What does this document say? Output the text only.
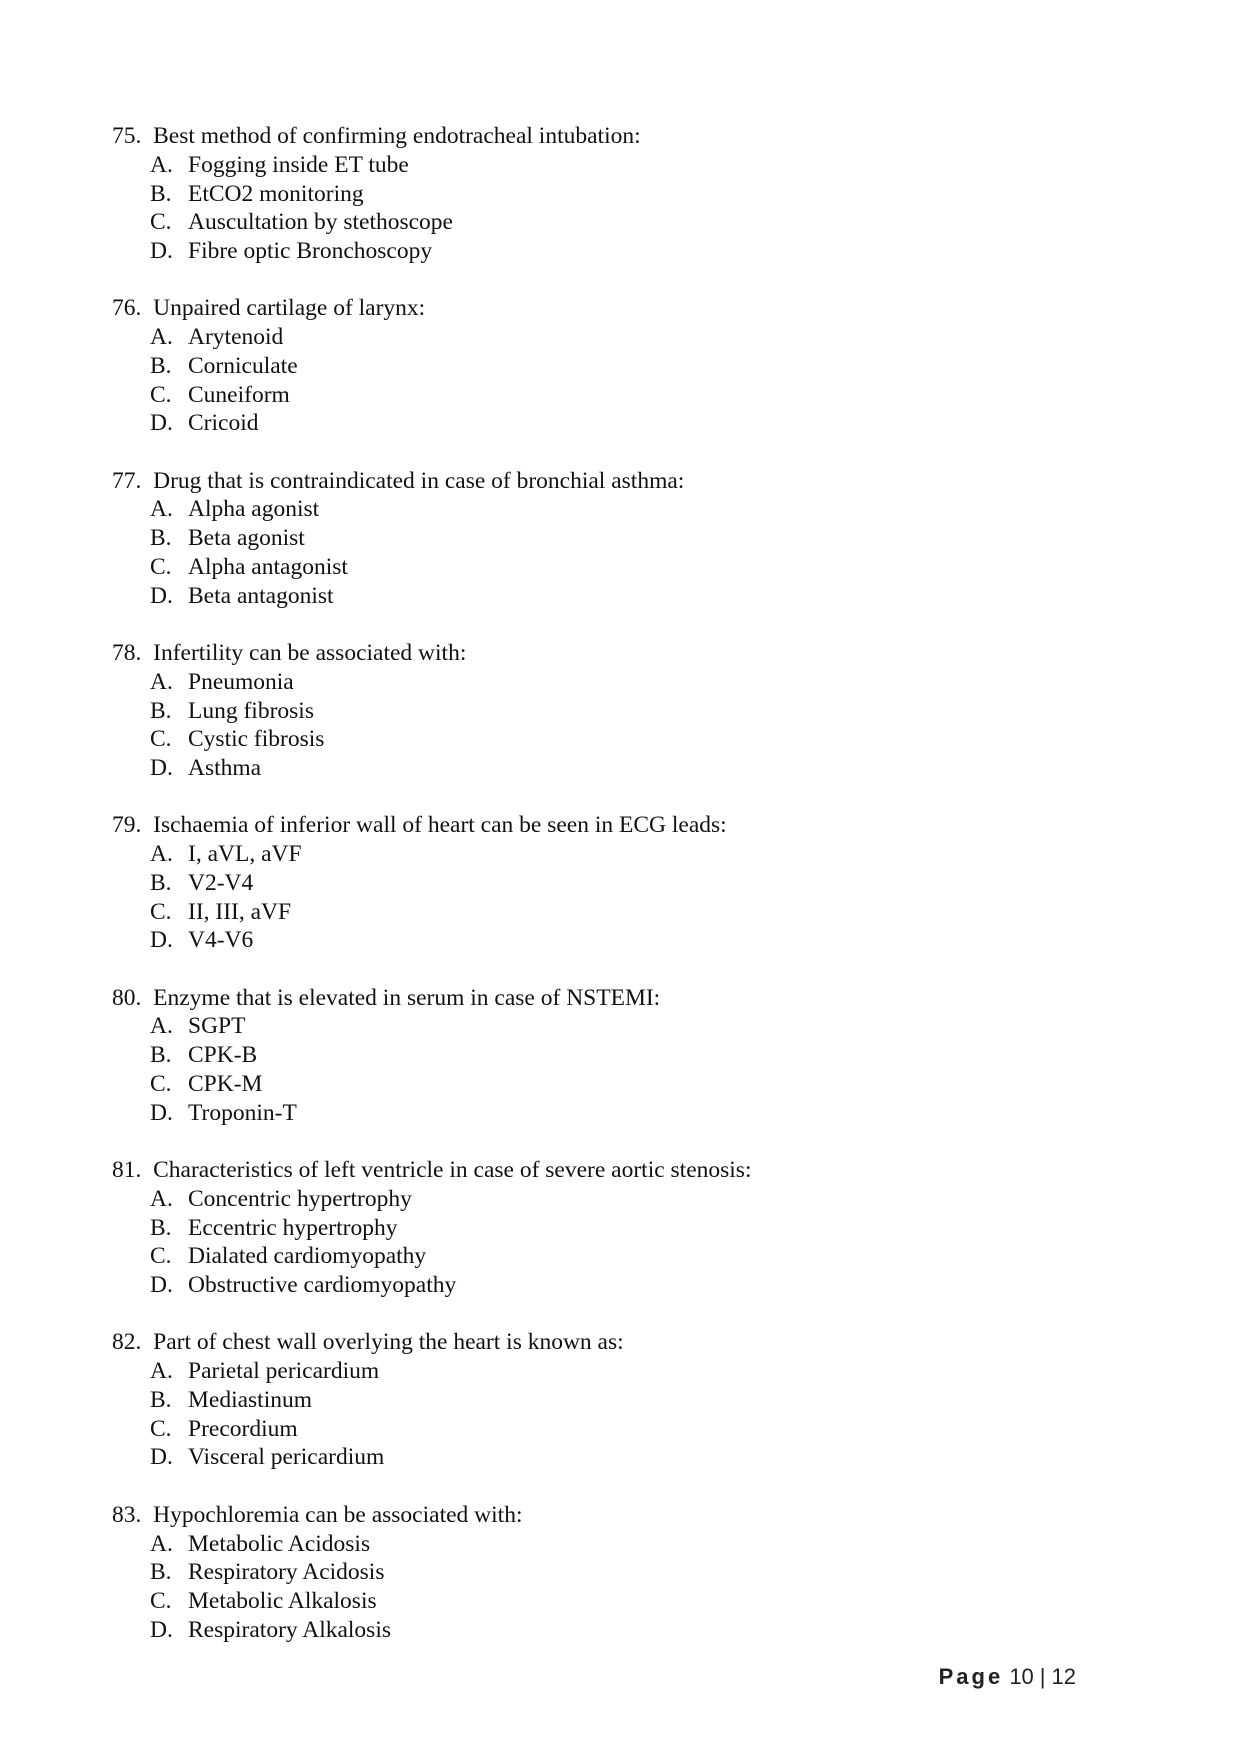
75.  Best method of confirming endotracheal intubation:
A. Fogging inside ET tube
B. EtCO2 monitoring
C. Auscultation by stethoscope
D. Fibre optic Bronchoscopy
76.  Unpaired cartilage of larynx:
A. Arytenoid
B. Corniculate
C. Cuneiform
D. Cricoid
77.  Drug that is contraindicated in case of bronchial asthma:
A. Alpha agonist
B. Beta agonist
C. Alpha antagonist
D. Beta antagonist
78.  Infertility can be associated with:
A. Pneumonia
B. Lung fibrosis
C. Cystic fibrosis
D. Asthma
79.  Ischaemia of inferior wall of heart can be seen in ECG leads:
A. I, aVL, aVF
B. V2-V4
C. II, III, aVF
D. V4-V6
80.  Enzyme that is elevated in serum in case of NSTEMI:
A. SGPT
B. CPK-B
C. CPK-M
D. Troponin-T
81.  Characteristics of left ventricle in case of severe aortic stenosis:
A. Concentric hypertrophy
B. Eccentric hypertrophy
C. Dialated cardiomyopathy
D. Obstructive cardiomyopathy
82.  Part of chest wall overlying the heart is known as:
A. Parietal pericardium
B. Mediastinum
C. Precordium
D. Visceral pericardium
83.  Hypochloremia can be associated with:
A. Metabolic Acidosis
B. Respiratory Acidosis
C. Metabolic Alkalosis
D. Respiratory Alkalosis
Page 10 | 12
